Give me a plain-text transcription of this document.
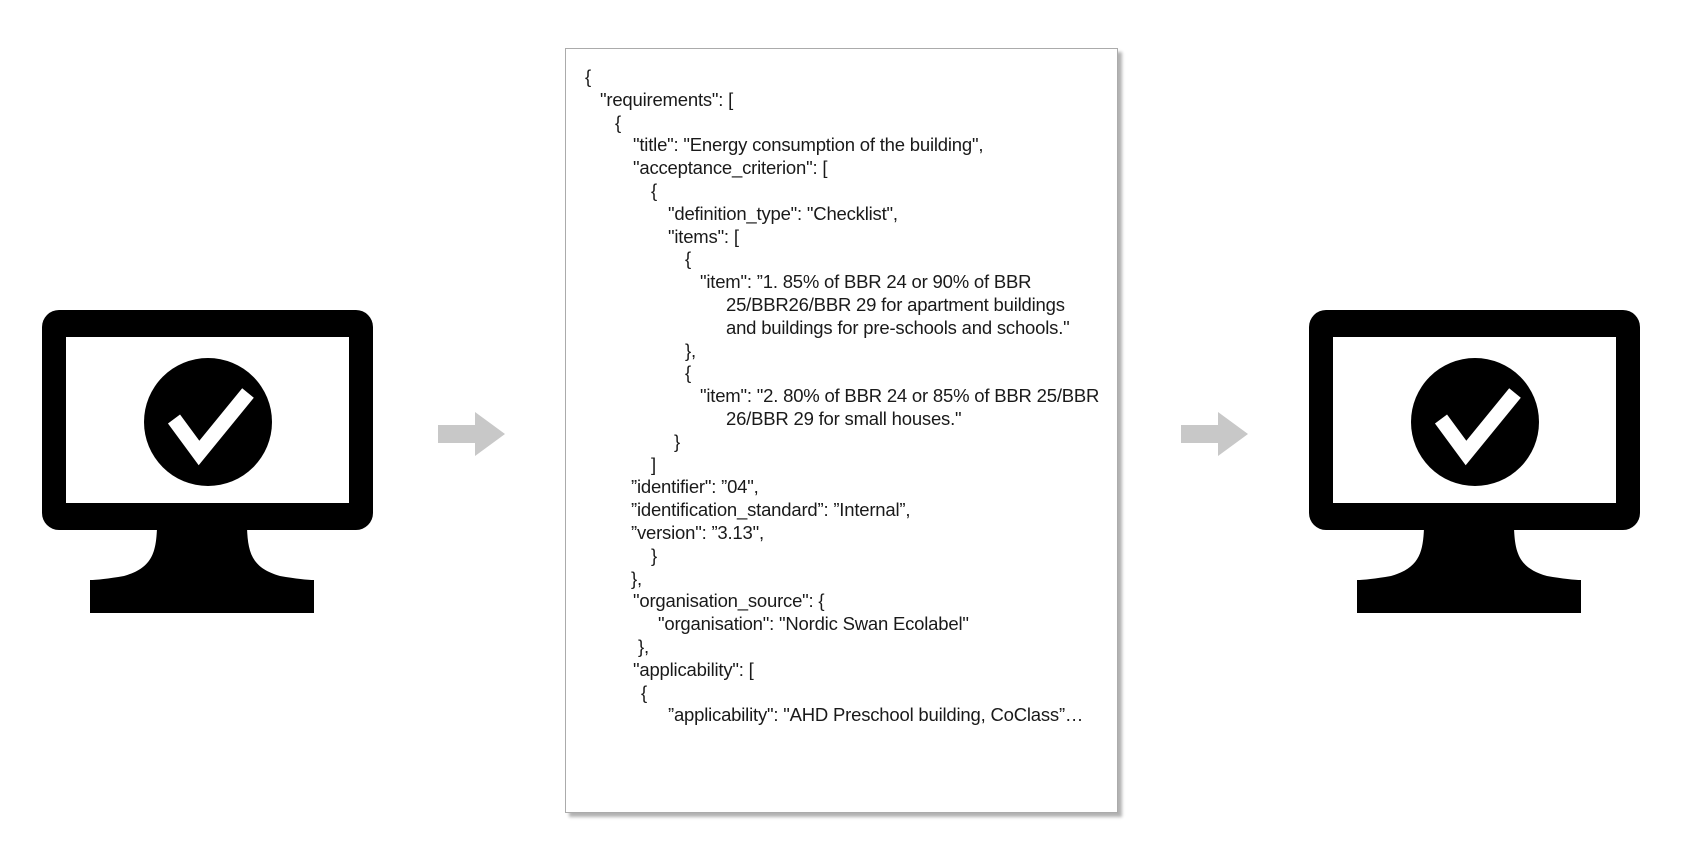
{
"requirements": [
{
"title": "Energy consumption of the building",
"acceptance_criterion": [
{
"definition_type": "Checklist",
"items": [
{
"item": ”1. 85% of BBR 24 or 90% of BBR
25/BBR26/BBR 29 for apartment buildings
and buildings for pre-schools and schools."
},
{
"item": "2. 80% of BBR 24 or 85% of BBR 25/BBR
26/BBR 29 for small houses."
}
]
”identifier": ”04",
”identification_standard”: ”Internal”,
”version": ”3.13",
}
},
"organisation_source": {
"organisation": "Nordic Swan Ecolabel"
},
"applicability": [
{
”applicability": "AHD Preschool building, CoClass”…
